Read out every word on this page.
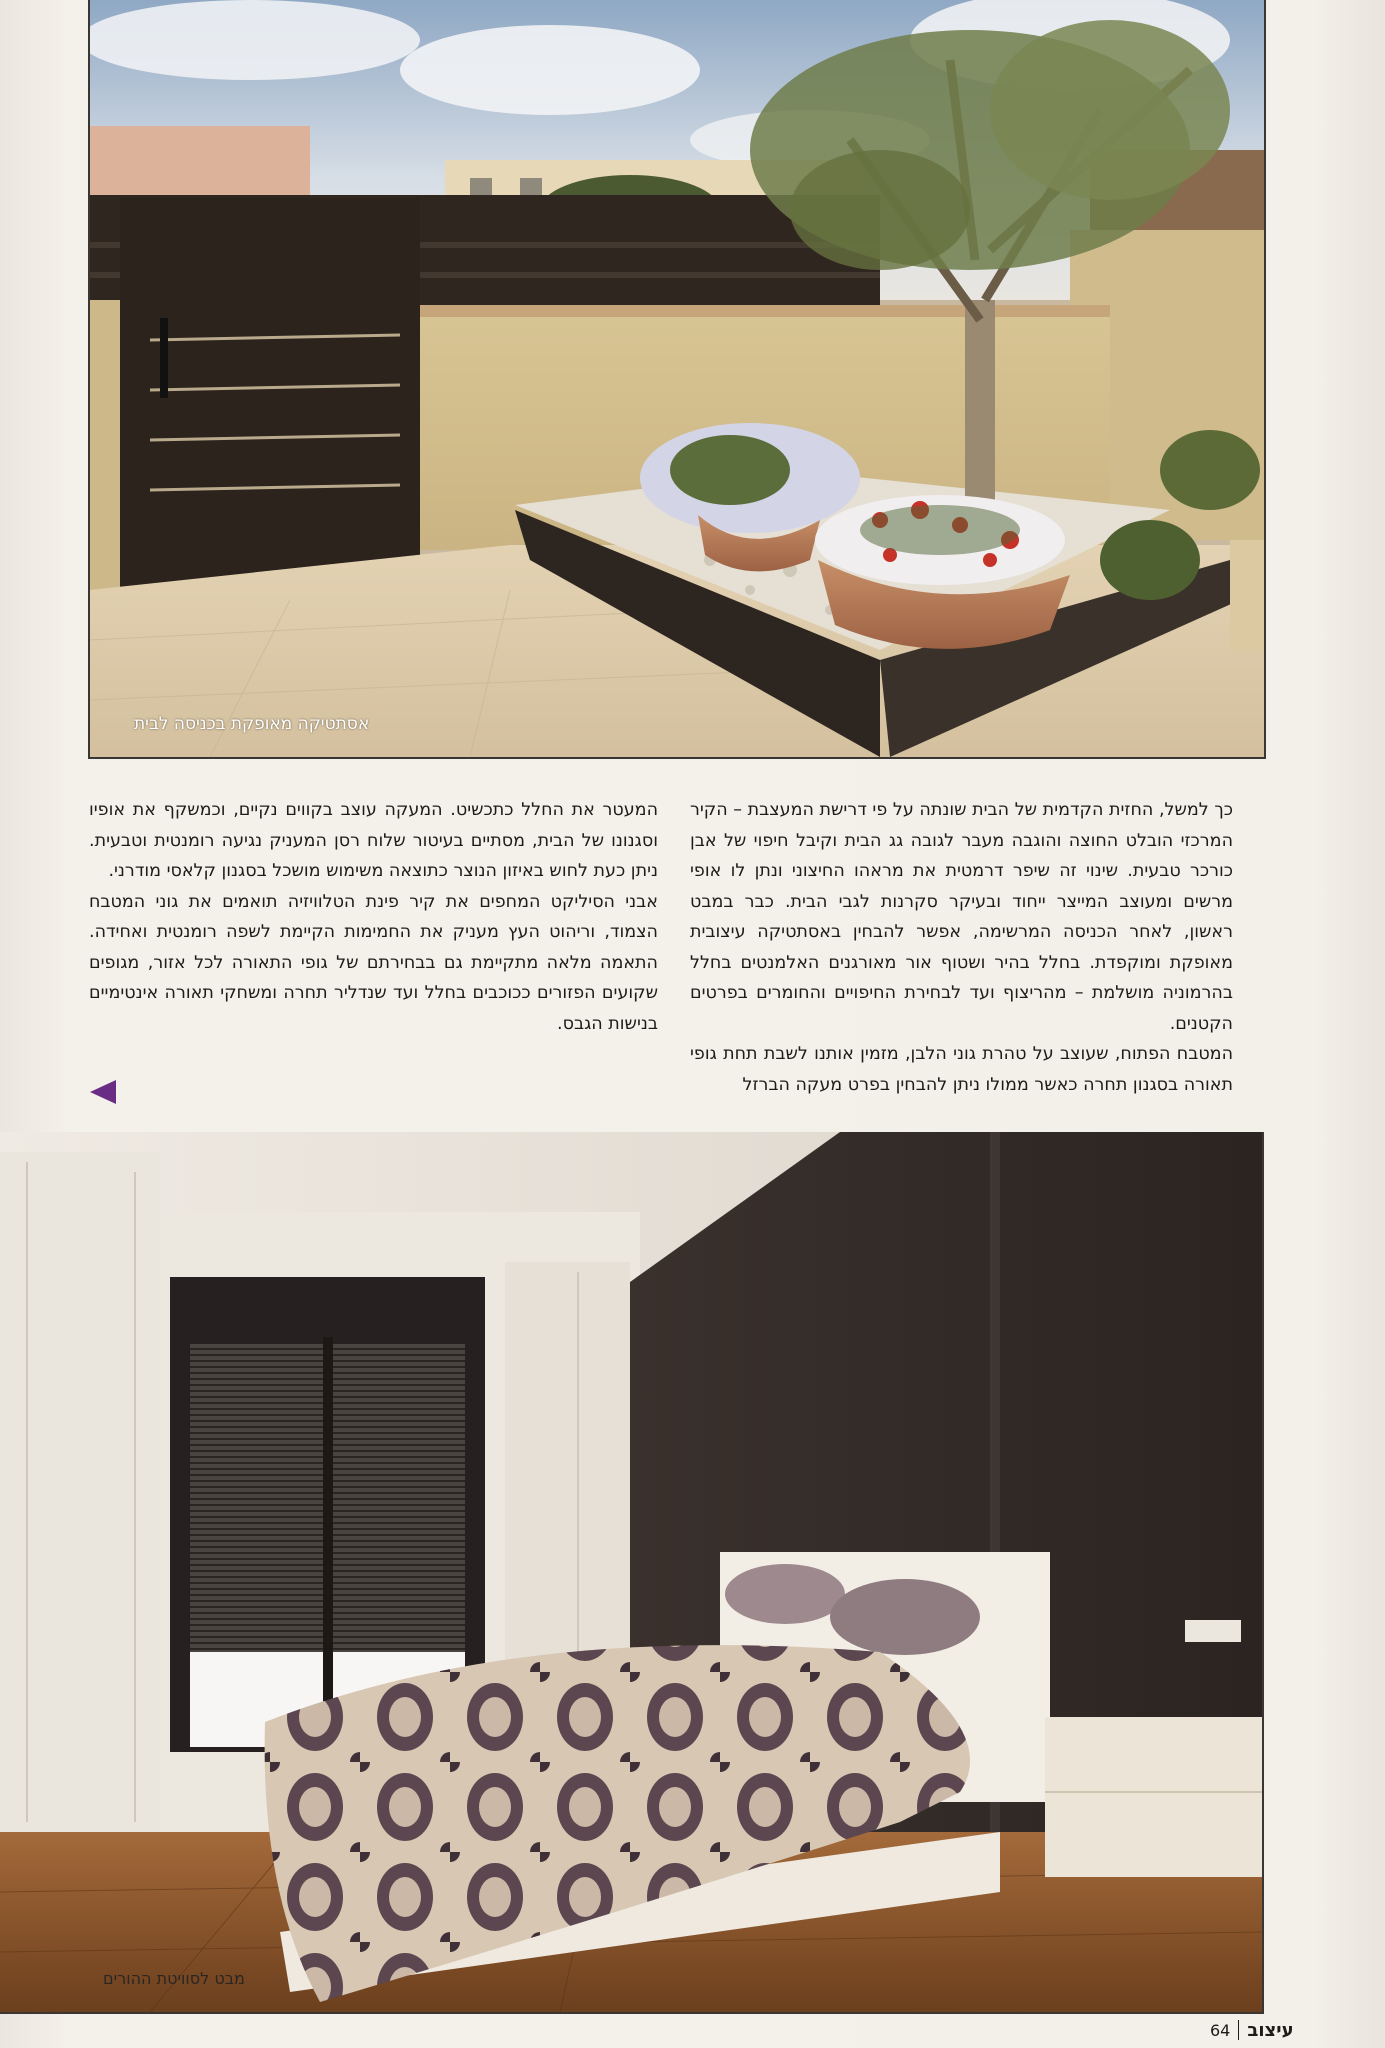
אסתטיקה מאופקת בכניסה לבית

כך למשל, החזית הקדמית של הבית שונתה על פי דרישת המעצבת – הקיר המרכזי הובלט החוצה והוגבה מעבר לגובה גג הבית וקיבל חיפוי של אבן כורכר טבעית. שינוי זה שיפר דרמטית את מראהו החיצוני ונתן לו אופי מרשים ומעוצב המייצר ייחוד ובעיקר סקרנות לגבי הבית. כבר במבט ראשון, לאחר הכניסה המרשימה, אפשר להבחין באסתטיקה עיצובית מאופקת ומוקפדת. בחלל בהיר ושטוף אור מאורגנים האלמנטים בחלל בהרמוניה מושלמת – מהריצוף ועד לבחירת החיפויים והחומרים בפרטים הקטנים.

המטבח הפתוח, שעוצב על טהרת גוני הלבן, מזמין אותנו לשבת תחת גופי תאורה בסגנון תחרה כאשר ממולו ניתן להבחין בפרט מעקה הברזל

המעטר את החלל כתכשיט. המעקה עוצב בקווים נקיים, וכמשקף את אופיו וסגנונו של הבית, מסתיים בעיטור שלוח רסן המעניק נגיעה רומנטית וטבעית. ניתן כעת לחוש באיזון הנוצר כתוצאה משימוש מושכל בסגנון קלאסי מודרני.

אבני הסיליקט המחפים את קיר פינת הטלוויזיה תואמים את גוני המטבח הצמוד, וריהוט העץ מעניק את החמימות הקיימת לשפה רומנטית ואחידה. התאמה מלאה מתקיימת גם בבחירתם של גופי התאורה לכל אזור, מגופים שקועים הפזורים ככוכבים בחלל ועד שנדליר תחרה ומשחקי תאורה אינטימיים בנישות הגבס.

מבט לסוויטת ההורים
עיצוב
64
